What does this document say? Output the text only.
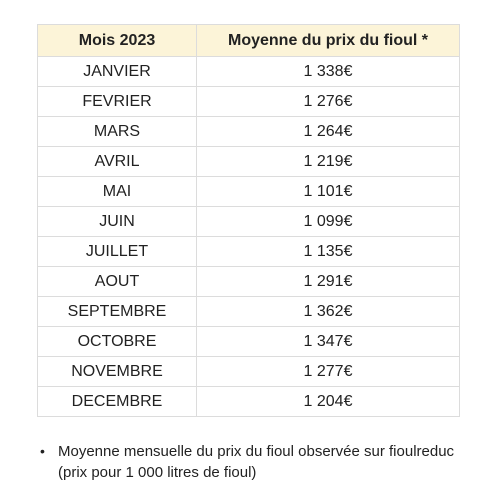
Mois 2023	Moyenne du prix du fioul *
JANVIER	1 338€
FEVRIER	1 276€
MARS	1 264€
AVRIL	1 219€
MAI	1 101€
JUIN	1 099€
JUILLET	1 135€
AOUT	1 291€
SEPTEMBRE	1 362€
OCTOBRE	1 347€
NOVEMBRE	1 277€
DECEMBRE	1 204€
• Moyenne mensuelle du prix du fioul observée sur fioulreduc (prix pour 1 000 litres de fioul)
